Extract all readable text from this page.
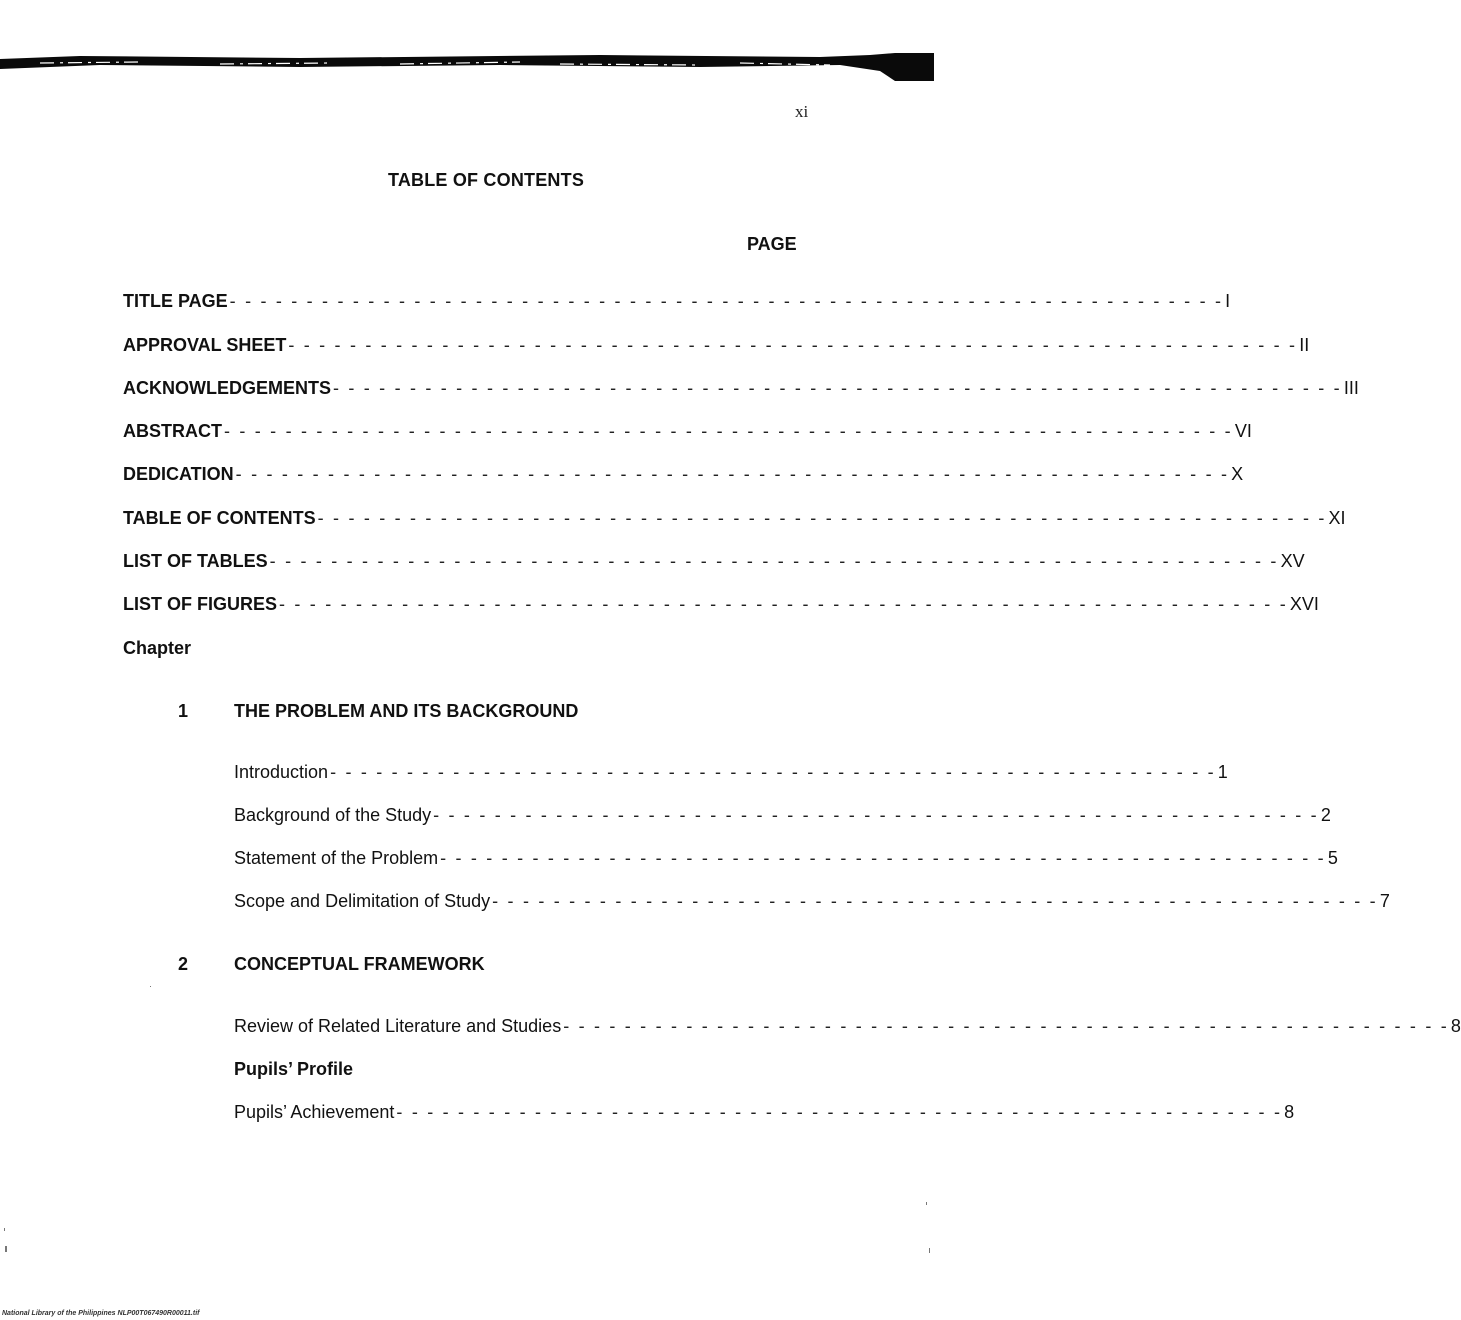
xi
TABLE OF CONTENTS
PAGE
TITLE PAGE - - - - - - - - - - - - - - - - - - - - - - - - - - - - - - - - - - - - - - - - - - - - - - - - - - - - - - - - - - - - - - - - - I
APPROVAL SHEET - - - - - - - - - - - - - - - - - - - - - - - - - - - - - - - - - - - - - - - - - - - - - - - - - - - - - - - - - - - - - - - - - - II
ACKNOWLEDGEMENTS - - - - - - - - - - - - - - - - - - - - - - - - - - - - - - - - - - - - - - - - - - - - - - - - - - - - - - - - - - - - - - - - - - III
ABSTRACT - - - - - - - - - - - - - - - - - - - - - - - - - - - - - - - - - - - - - - - - - - - - - - - - - - - - - - - - - - - - - - - - - - VI
DEDICATION - - - - - - - - - - - - - - - - - - - - - - - - - - - - - - - - - - - - - - - - - - - - - - - - - - - - - - - - - - - - - - - - - X
TABLE OF CONTENTS - - - - - - - - - - - - - - - - - - - - - - - - - - - - - - - - - - - - - - - - - - - - - - - - - - - - - - - - - - - - - - - - - - XI
LIST OF TABLES - - - - - - - - - - - - - - - - - - - - - - - - - - - - - - - - - - - - - - - - - - - - - - - - - - - - - - - - - - - - - - - - - - XV
LIST OF FIGURES - - - - - - - - - - - - - - - - - - - - - - - - - - - - - - - - - - - - - - - - - - - - - - - - - - - - - - - - - - - - - - - - - - XVI
Chapter
1	THE PROBLEM AND ITS BACKGROUND
Introduction - - - - - - - - - - - - - - - - - - - - - - - - - - - - - - - - - - - - - - - - - - - - - - - - - - - - - - - - - - 1
Background of the Study - - - - - - - - - - - - - - - - - - - - - - - - - - - - - - - - - - - - - - - - - - - - - - - - - - - - - - - - - - 2
Statement of the Problem - - - - - - - - - - - - - - - - - - - - - - - - - - - - - - - - - - - - - - - - - - - - - - - - - - - - - - - - - - 5
Scope and Delimitation of Study - - - - - - - - - - - - - - - - - - - - - - - - - - - - - - - - - - - - - - - - - - - - - - - - - - - - - - - - - - 7
2	CONCEPTUAL FRAMEWORK
Review of Related Literature and Studies - - - - - - - - - - - - - - - - - - - - - - - - - - - - - - - - - - - - - - - - - - - - - - - - - - - - - - - - - - 8
Pupils’ Profile
Pupils’ Achievement - - - - - - - - - - - - - - - - - - - - - - - - - - - - - - - - - - - - - - - - - - - - - - - - - - - - - - - - - - 8
National Library of the Philippines NLP00T067490R00011.tif
